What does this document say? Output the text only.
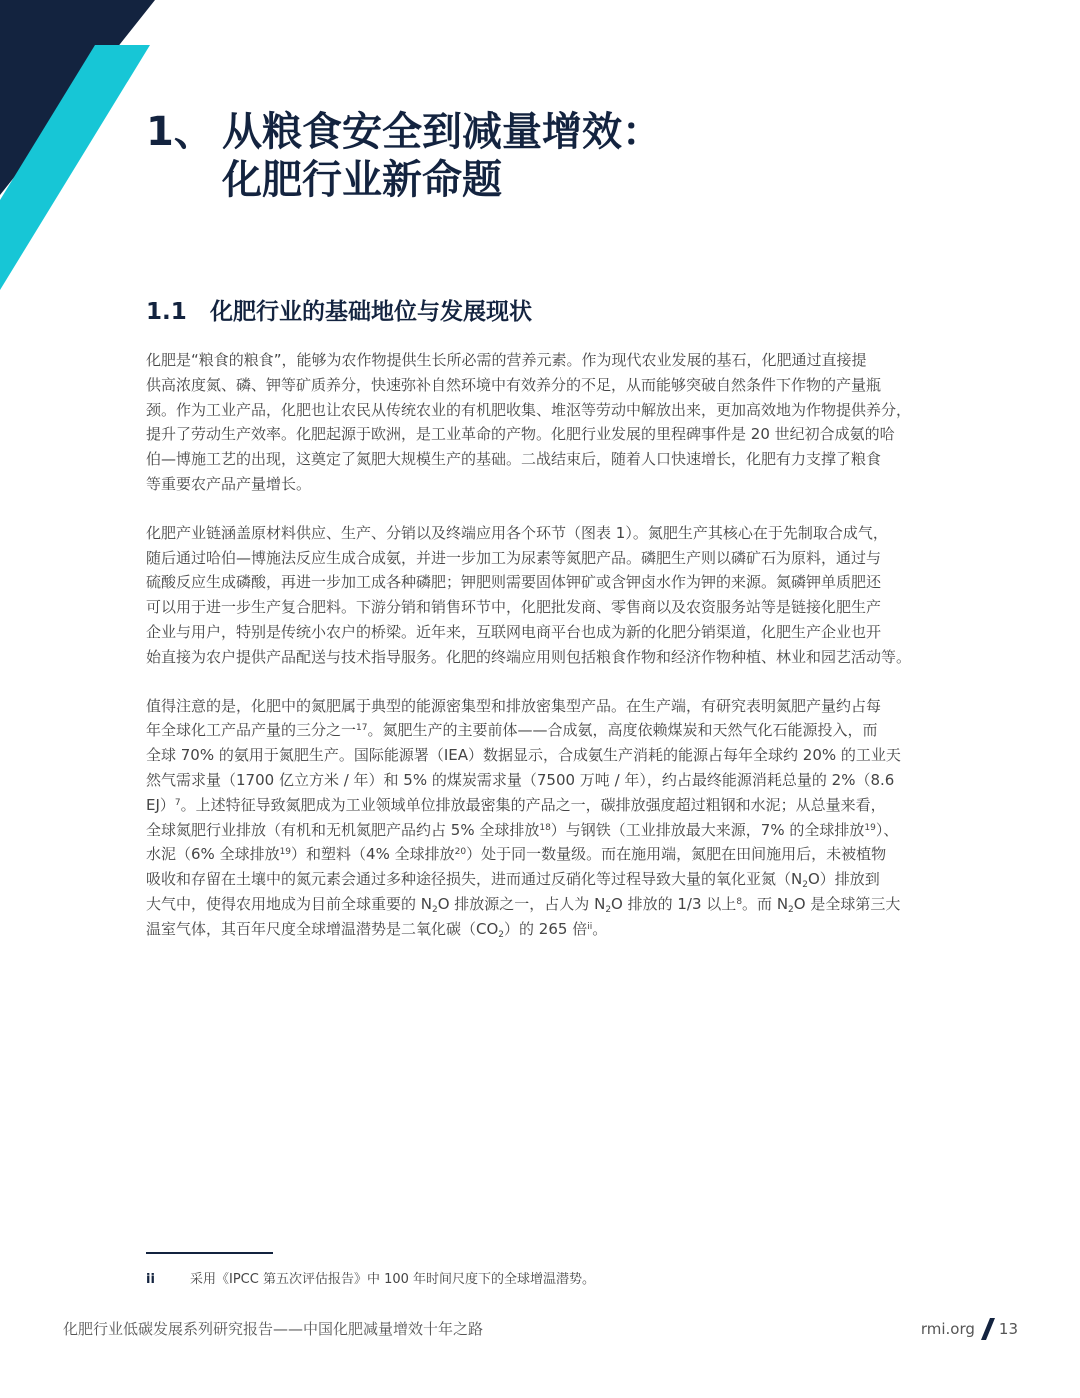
1、 从粮食安全到减量增效：
化肥行业新命题
1.1 化肥行业的基础地位与发展现状

化肥是“粮食的粮食”，能够为农作物提供生长所必需的营养元素。作为现代农业发展的基石，化肥通过直接提
供高浓度氮、磷、钾等矿质养分，快速弥补自然环境中有效养分的不足，从而能够突破自然条件下作物的产量瓶
颈。作为工业产品，化肥也让农民从传统农业的有机肥收集、堆沤等劳动中解放出来，更加高效地为作物提供养分，
提升了劳动生产效率。化肥起源于欧洲，是工业革命的产物。化肥行业发展的里程碑事件是 20 世纪初合成氨的哈
伯—博施工艺的出现，这奠定了氮肥大规模生产的基础。二战结束后，随着人口快速增长，化肥有力支撑了粮食
等重要农产品产量增长。

化肥产业链涵盖原材料供应、生产、分销以及终端应用各个环节（图表 1）。氮肥生产其核心在于先制取合成气，
随后通过哈伯—博施法反应生成合成氨，并进一步加工为尿素等氮肥产品。磷肥生产则以磷矿石为原料，通过与
硫酸反应生成磷酸，再进一步加工成各种磷肥；钾肥则需要固体钾矿或含钾卤水作为钾的来源。氮磷钾单质肥还
可以用于进一步生产复合肥料。下游分销和销售环节中，化肥批发商、零售商以及农资服务站等是链接化肥生产
企业与用户，特别是传统小农户的桥梁。近年来，互联网电商平台也成为新的化肥分销渠道，化肥生产企业也开
始直接为农户提供产品配送与技术指导服务。化肥的终端应用则包括粮食作物和经济作物种植、林业和园艺活动等。

值得注意的是，化肥中的氮肥属于典型的能源密集型和排放密集型产品。在生产端，有研究表明氮肥产量约占每
年全球化工产品产量的三分之一$^{17}$。氮肥生产的主要前体——合成氨，高度依赖煤炭和天然气化石能源投入，而
全球 70% 的氨用于氮肥生产。国际能源署（IEA）数据显示，合成氨生产消耗的能源占每年全球约 20% 的工业天
然气需求量（1700 亿立方米 / 年）和 5% 的煤炭需求量（7500 万吨 / 年），约占最终能源消耗总量的 2%（8.6
EJ）$^7$。上述特征导致氮肥成为工业领域单位排放最密集的产品之一，碳排放强度超过粗钢和水泥；从总量来看，
全球氮肥行业排放（有机和无机氮肥产品约占 5% 全球排放$^{18}$）与钢铁（工业排放最大来源，7% 的全球排放$^{19}$）、
水泥（6% 全球排放$^{19}$）和塑料（4% 全球排放$^{20}$）处于同一数量级。而在施用端，氮肥在田间施用后，未被植物
吸收和存留在土壤中的氮元素会通过多种途径损失，进而通过反硝化等过程导致大量的氧化亚氮$(N_2O)$排放到
大气中，使得农用地成为目前全球重要的 $N_2O$ 排放源之一，占人为 $N_2O$ 排放的 1/3 以上$^8$。而 $N_2O$ 是全球第三大
温室气体，其百年尺度全球增温潜势是二氧化碳$(CO_2)$的 265 倍$^{ii}$。

ii	采用《IPCC 第五次评估报告》中 100 年时间尺度下的全球增温潜势。
化肥行业低碳发展系列研究报告——中国化肥减量增效十年之路	rmi.org 13
